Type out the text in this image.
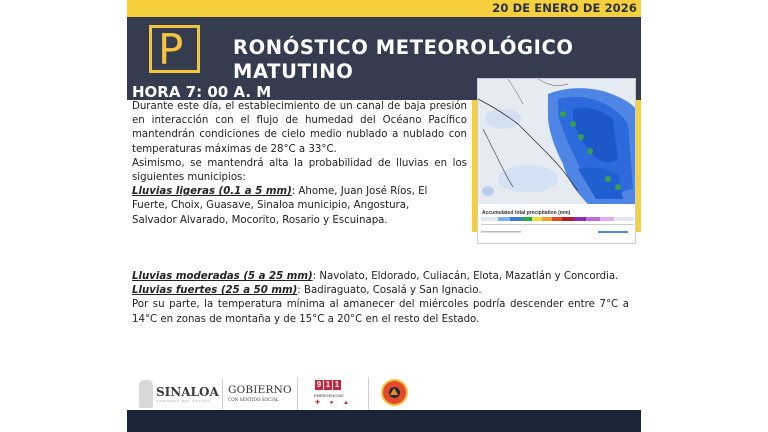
20 DE ENERO DE 2026
P	RONÓSTICO METEOROLÓGICO
MATUTINO
HORA 7: 00 A. M
Accumulated total precipitation (mm)
Durante este día, el establecimiento de un canal de baja presión en interacción con el flujo de humedad del Océano Pacífico mantendrán condiciones de cielo medio nublado a nublado con temperaturas máximas de 28°C a 33°C.
Asimismo, se mantendrá alta la probabilidad de lluvias en los siguientes municipios:
Lluvias ligeras (0.1 a 5 mm): Ahome, Juan José Ríos, El
Fuerte, Choix, Guasave, Sinaloa municipio, Angostura,
Salvador Alvarado, Mocorito, Rosario y Escuinapa.
Lluvias moderadas (5 a 25 mm): Navolato, Eldorado, Culiacán, Elota, Mazatlán y Concordia.
Lluvias fuertes (25 a 50 mm): Badiraguato, Cosalá y San Ignacio.
Por su parte, la temperatura mínima al amanecer del miércoles podría descender entre 7°C a 14°C en zonas de montaña y de 15°C a 20°C en el resto del Estado.
SINALOA
GOBIERNO DEL ESTADO
GOBIERNO
CON SENTIDO SOCIAL
9 1 1
EMERGENCIAS
✚ ● ▲
